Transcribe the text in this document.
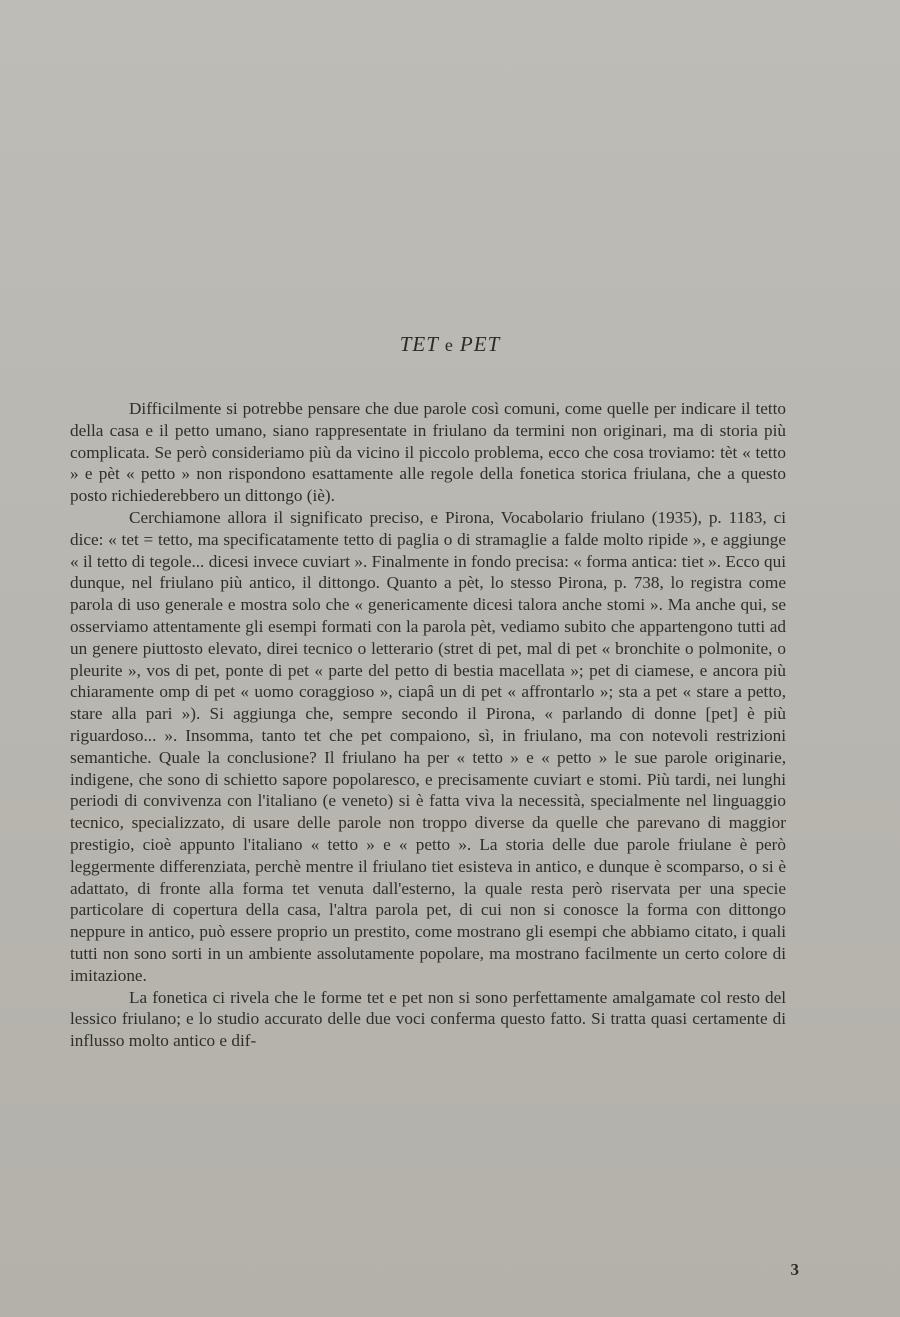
TET e PET

Difficilmente si potrebbe pensare che due parole così comuni, come quelle per indicare il tetto della casa e il petto umano, siano rappresentate in friulano da termini non originari, ma di storia più complicata. Se però consideriamo più da vicino il piccolo problema, ecco che cosa troviamo: tèt « tetto » e pèt « petto » non rispondono esattamente alle regole della fonetica storica friulana, che a questo posto richiederebbero un dittongo (iè).

Cerchiamone allora il significato preciso, e Pirona, Vocabolario friulano (1935), p. 1183, ci dice: « tet = tetto, ma specificatamente tetto di paglia o di stramaglie a falde molto ripide », e aggiunge « il tetto di tegole... dicesi invece cuviart ». Finalmente in fondo precisa: « forma antica: tiet ». Ecco qui dunque, nel friulano più antico, il dittongo. Quanto a pèt, lo stesso Pirona, p. 738, lo registra come parola di uso generale e mostra solo che « genericamente dicesi talora anche stomi ». Ma anche qui, se osserviamo attentamente gli esempi formati con la parola pèt, vediamo subito che appartengono tutti ad un genere piuttosto elevato, direi tecnico o letterario (stret di pet, mal di pet « bronchite o polmonite, o pleurite », vos di pet, ponte di pet « parte del petto di bestia macellata »; pet di ciamese, e ancora più chiaramente omp di pet « uomo coraggioso », ciapâ un di pet « affrontarlo »; sta a pet « stare a petto, stare alla pari »). Si aggiunga che, sempre secondo il Pirona, « parlando di donne [pet] è più riguardoso... ». Insomma, tanto tet che pet compaiono, sì, in friulano, ma con notevoli restrizioni semantiche. Quale la conclusione? Il friulano ha per « tetto » e « petto » le sue parole originarie, indigene, che sono di schietto sapore popolaresco, e precisamente cuviart e stomi. Più tardi, nei lunghi periodi di convivenza con l'italiano (e veneto) si è fatta viva la necessità, specialmente nel linguaggio tecnico, specializzato, di usare delle parole non troppo diverse da quelle che parevano di maggior prestigio, cioè appunto l'italiano « tetto » e « petto ». La storia delle due parole friulane è però leggermente differenziata, perchè mentre il friulano tiet esisteva in antico, e dunque è scomparso, o si è adattato, di fronte alla forma tet venuta dall'esterno, la quale resta però riservata per una specie particolare di copertura della casa, l'altra parola pet, di cui non si conosce la forma con dittongo neppure in antico, può essere proprio un prestito, come mostrano gli esempi che abbiamo citato, i quali tutti non sono sorti in un ambiente assolutamente popolare, ma mostrano facilmente un certo colore di imitazione.

La fonetica ci rivela che le forme tet e pet non si sono perfettamente amalgamate col resto del lessico friulano; e lo studio accurato delle due voci conferma questo fatto. Si tratta quasi certamente di influsso molto antico e dif-

3
